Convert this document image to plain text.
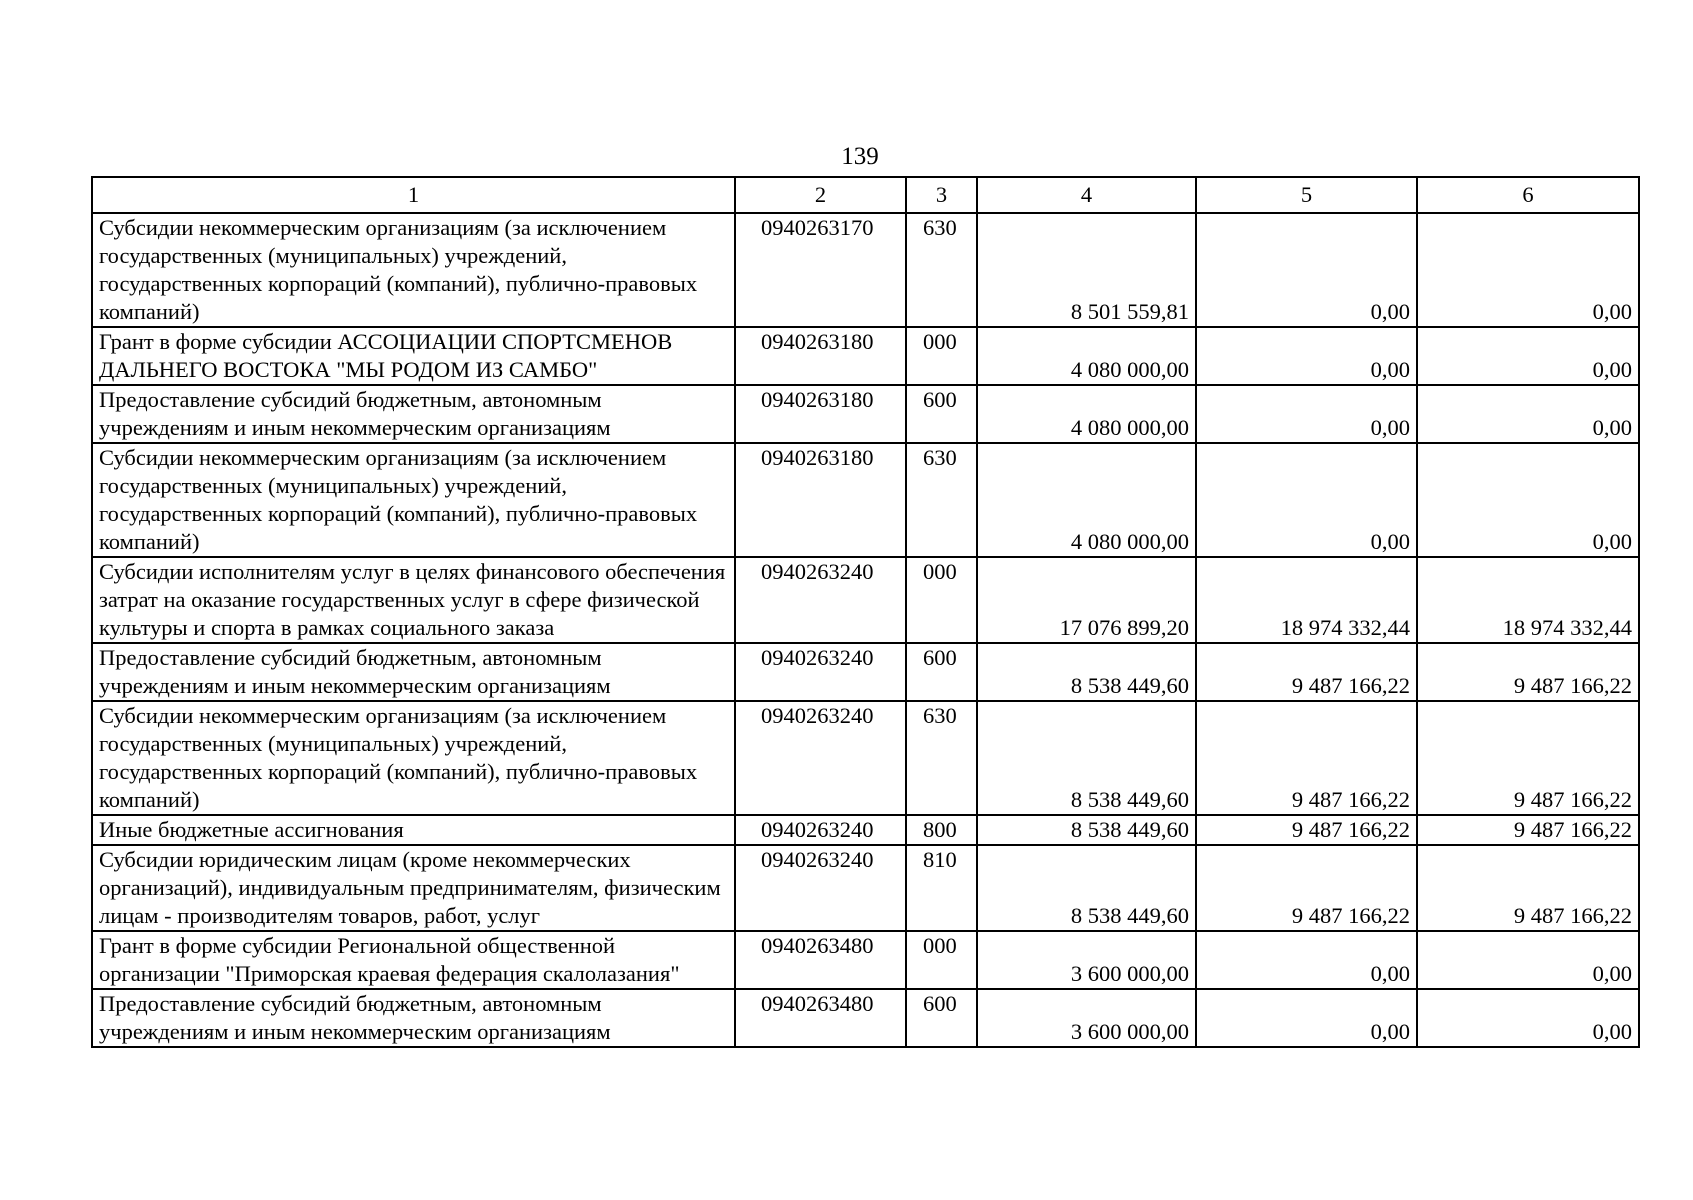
139
1	2	3	4	5	6
Субсидии некоммерческим организациям (за исключением государственных (муниципальных) учреждений, государственных корпораций (компаний), публично-правовых компаний)	0940263170	630	8 501 559,81	0,00	0,00
Грант в форме субсидии АССОЦИАЦИИ СПОРТСМЕНОВ ДАЛЬНЕГО ВОСТОКА "МЫ РОДОМ ИЗ САМБО"	0940263180	000	4 080 000,00	0,00	0,00
Предоставление субсидий бюджетным, автономным учреждениям и иным некоммерческим организациям	0940263180	600	4 080 000,00	0,00	0,00
Субсидии некоммерческим организациям (за исключением государственных (муниципальных) учреждений, государственных корпораций (компаний), публично-правовых компаний)	0940263180	630	4 080 000,00	0,00	0,00
Субсидии исполнителям услуг в целях финансового обеспечения затрат на оказание государственных услуг в сфере физической культуры и спорта в рамках социального заказа	0940263240	000	17 076 899,20	18 974 332,44	18 974 332,44
Предоставление субсидий бюджетным, автономным учреждениям и иным некоммерческим организациям	0940263240	600	8 538 449,60	9 487 166,22	9 487 166,22
Субсидии некоммерческим организациям (за исключением государственных (муниципальных) учреждений, государственных корпораций (компаний), публично-правовых компаний)	0940263240	630	8 538 449,60	9 487 166,22	9 487 166,22
Иные бюджетные ассигнования	0940263240	800	8 538 449,60	9 487 166,22	9 487 166,22
Субсидии юридическим лицам (кроме некоммерческих организаций), индивидуальным предпринимателям, физическим лицам - производителям товаров, работ, услуг	0940263240	810	8 538 449,60	9 487 166,22	9 487 166,22
Грант в форме субсидии Региональной общественной организации "Приморская краевая федерация скалолазания"	0940263480	000	3 600 000,00	0,00	0,00
Предоставление субсидий бюджетным, автономным учреждениям и иным некоммерческим организациям	0940263480	600	3 600 000,00	0,00	0,00
